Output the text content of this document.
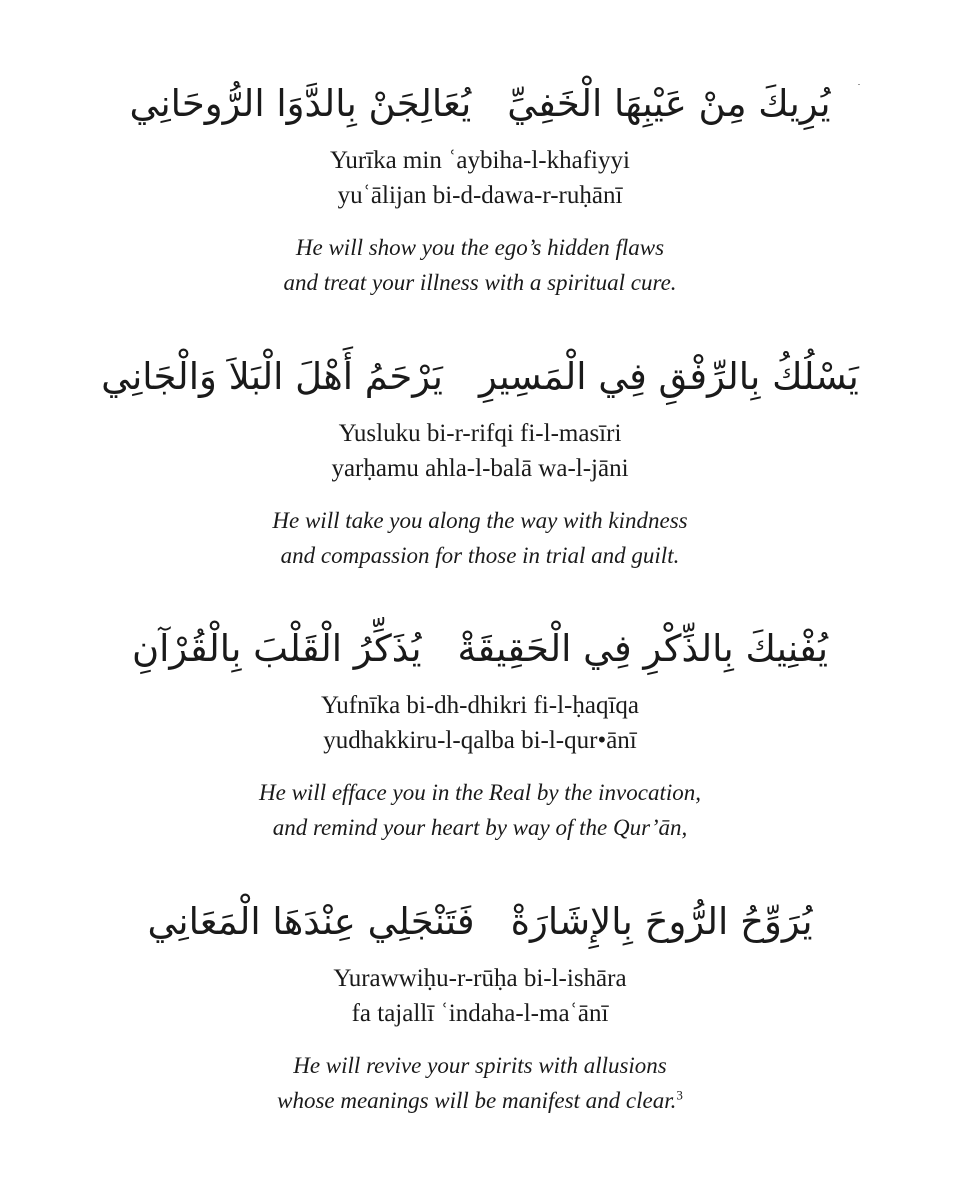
يُرِيكَ مِنْ عَيْبِهَا الْخَفِيِّيُعَالِجَنْ بِالدَّوَا الرُّوحَانِي
Yurīka min ʿaybiha-l-khafiyyi
yuʿālijan bi-d-dawa-r-ruḥānī
He will show you the ego’s hidden flaws
and treat your illness with a spiritual cure.
يَسْلُكُ بِالرِّفْقِ فِي الْمَسِيرِيَرْحَمُ أَهْلَ الْبَلاَ وَالْجَانِي
Yusluku bi-r-rifqi fi-l-masīri
yarḥamu ahla-l-balā wa-l-jāni
He will take you along the way with kindness
and compassion for those in trial and guilt.
يُفْنِيكَ بِالذِّكْرِ فِي الْحَقِيقَةْيُذَكِّرُ الْقَلْبَ بِالْقُرْآنِ
Yufnīka bi-dh-dhikri fi-l-ḥaqīqa
yudhakkiru-l-qalba bi-l-qur•ānī
He will efface you in the Real by the invocation,
and remind your heart by way of the Qur’ān,
يُرَوِّحُ الرُّوحَ بِالإِشَارَةْفَتَنْجَلِي عِنْدَهَا الْمَعَانِي
Yurawwiḥu-r-rūḥa bi-l-ishāra
fa tajallī ʿindaha-l-maʿānī
He will revive your spirits with allusions
whose meanings will be manifest and clear.$^3$
